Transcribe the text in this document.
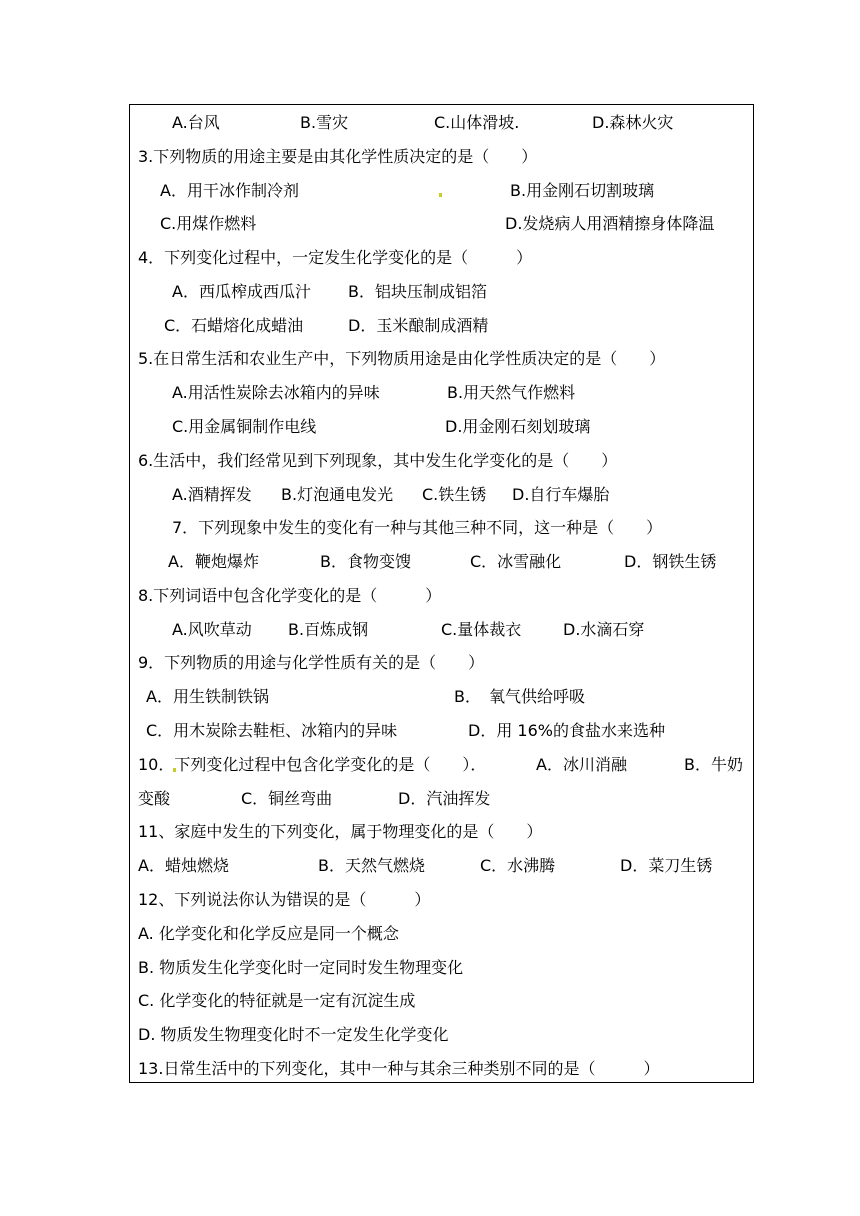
A.台风	B.雪灾	C.山体滑坡.	D.森林火灾
3.下列物质的用途主要是由其化学性质决定的是（　　）
A．用干冰作制冷剂	B.用金刚石切割玻璃
C.用煤作燃料	D.发烧病人用酒精擦身体降温
4．下列变化过程中，一定发生化学变化的是（　　　）
A．西瓜榨成西瓜汁 B．铝块压制成铝箔
C．石蜡熔化成蜡油	D．玉米酿制成酒精
5.在日常生活和农业生产中，下列物质用途是由化学性质决定的是（　　）
A.用活性炭除去冰箱内的异味	B.用天然气作燃料
C.用金属铜制作电线	D.用金刚石刻划玻璃
6.生活中，我们经常见到下列现象，其中发生化学变化的是（　　）
A.酒精挥发 B.灯泡通电发光 C.铁生锈 D.自行车爆胎
7．下列现象中发生的变化有一种与其他三种不同，这一种是（　　）
A．鞭炮爆炸	B．食物变馊	C．冰雪融化	D．钢铁生锈
8.下列词语中包含化学变化的是（　　　）
A.风吹草动 B.百炼成钢	C.量体裁衣	D.水滴石穿
9．下列物质的用途与化学性质有关的是（　　）
A．用生铁制铁锅	B．　氧气供给呼吸
C．用木炭除去鞋柜、冰箱内的异味	D．用 16%的食盐水来选种
10．下列变化过程中包含化学变化的是（　　）．	A．冰川消融	B．牛奶
变酸	C．铜丝弯曲	D．汽油挥发
11、家庭中发生的下列变化，属于物理变化的是（　　）
A．蜡烛燃烧	B．天然气燃烧	C．水沸腾	D．菜刀生锈
12、下列说法你认为错误的是（　　　）
A. 化学变化和化学反应是同一个概念
B. 物质发生化学变化时一定同时发生物理变化
C. 化学变化的特征就是一定有沉淀生成
D. 物质发生物理变化时不一定发生化学变化
13.日常生活中的下列变化，其中一种与其余三种类别不同的是（　　　）
